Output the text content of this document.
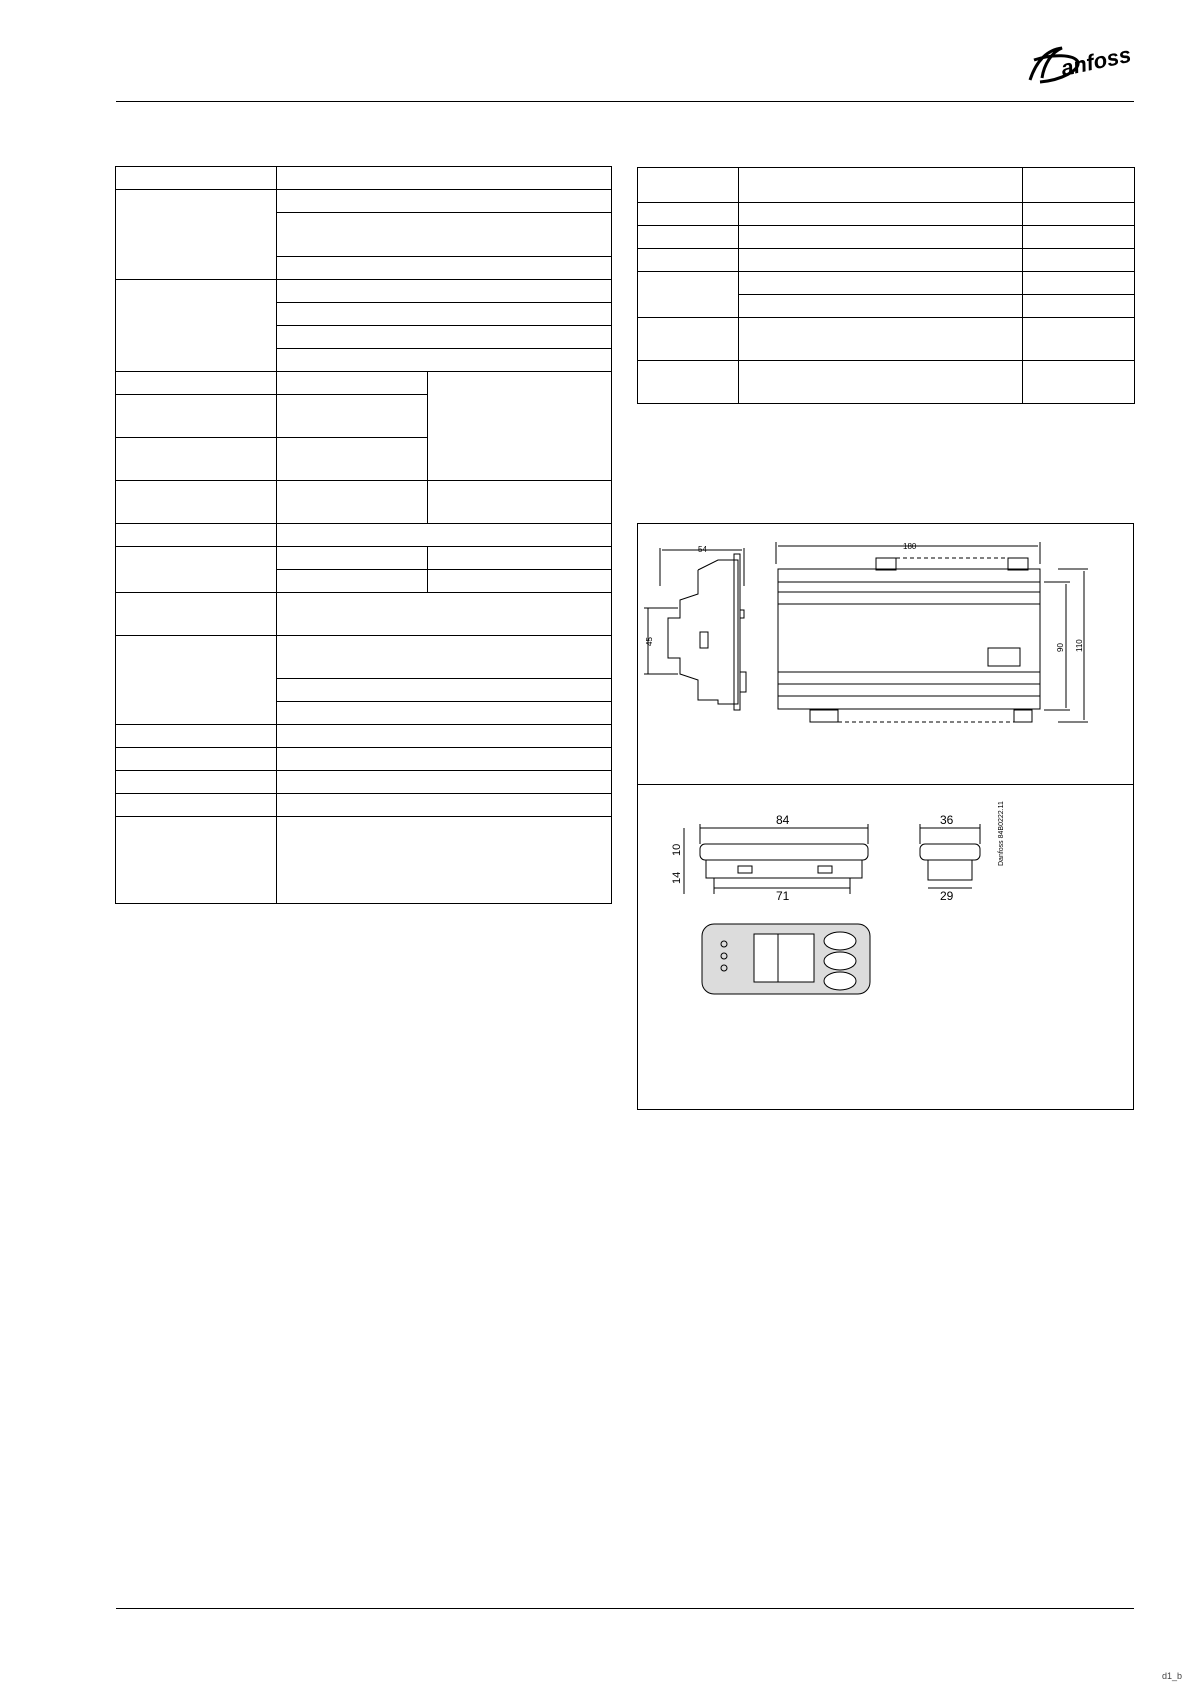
anfoss

54	180
45
90 110
84
71
36
29
10
14
Danfoss 84B0222.11
d1_b
